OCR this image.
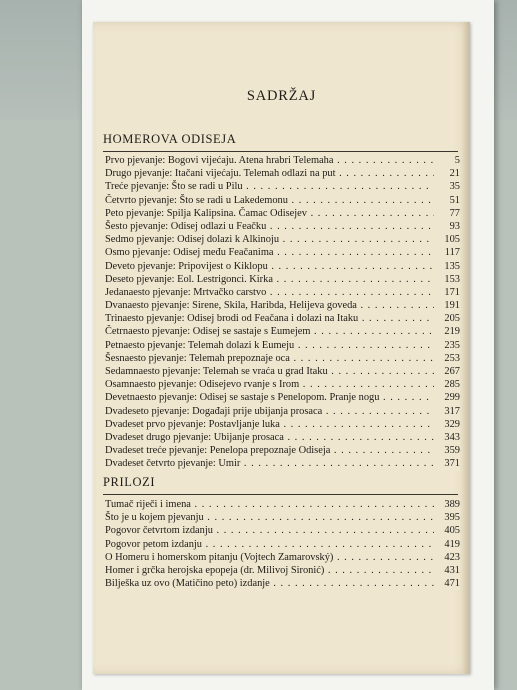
SADRŽAJ
HOMEROVA ODISEJA
Prvo pjevanje: Bogovi vijećaju. Atena hrabri Telemaha . . .	5
Drugo pjevanje: Itačani vijećaju. Telemah odlazi na put . . .	21
Treće pjevanje: Što se radi u Pilu . . .	35
Četvrto pjevanje: Što se radi u Lakedemonu . . .	51
Peto pjevanje: Spilja Kalipsina. Čamac Odisejev . . .	77
Šesto pjevanje: Odisej odlazi u Feačku . . .	93
Sedmo pjevanje: Odisej dolazi k Alkinoju . . .	105
Osmo pjevanje: Odisej među Feačanima . . .	117
Deveto pjevanje: Pripovijest o Kiklopu . . .	135
Deseto pjevanje: Eol. Lestrigonci. Kirka . . .	153
Jedanaesto pjevanje: Mrtvačko carstvo . . .	171
Dvanaesto pjevanje: Sirene, Skila, Haribda, Helijeva goveda . . .	191
Trinaesto pjevanje: Odisej brodi od Feačana i dolazi na Itaku . . .	205
Četrnaesto pjevanje: Odisej se sastaje s Eumejem . . .	219
Petnaesto pjevanje: Telemah dolazi k Eumeju . . .	235
Šesnaesto pjevanje: Telemah prepoznaje oca . . .	253
Sedamnaesto pjevanje: Telemah se vraća u grad Itaku . . .	267
Osamnaesto pjevanje: Odisejevo rvanje s Irom . . .	285
Devetnaesto pjevanje: Odisej se sastaje s Penelopom. Pranje nogu . . .	299
Dvadeseto pjevanje: Događaji prije ubijanja prosaca . . .	317
Dvadeset prvo pjevanje: Postavljanje luka . . .	329
Dvadeset drugo pjevanje: Ubijanje prosaca . . .	343
Dvadeset treće pjevanje: Penelopa prepoznaje Odiseja . . .	359
Dvadeset četvrto pjevanje: Umir . . .	371
PRILOZI
Tumač riječi i imena . . .	389
Što je u kojem pjevanju . . .	395
Pogovor četvrtom izdanju . . .	405
Pogovor petom izdanju . . .	419
O Homeru i homerskom pitanju (Vojtech Zamarovský) . . .	423
Homer i grčka herojska epopeja (dr. Milivoj Sironić) . . .	431
Bilješka uz ovo (Matičino peto) izdanje . . .	471
